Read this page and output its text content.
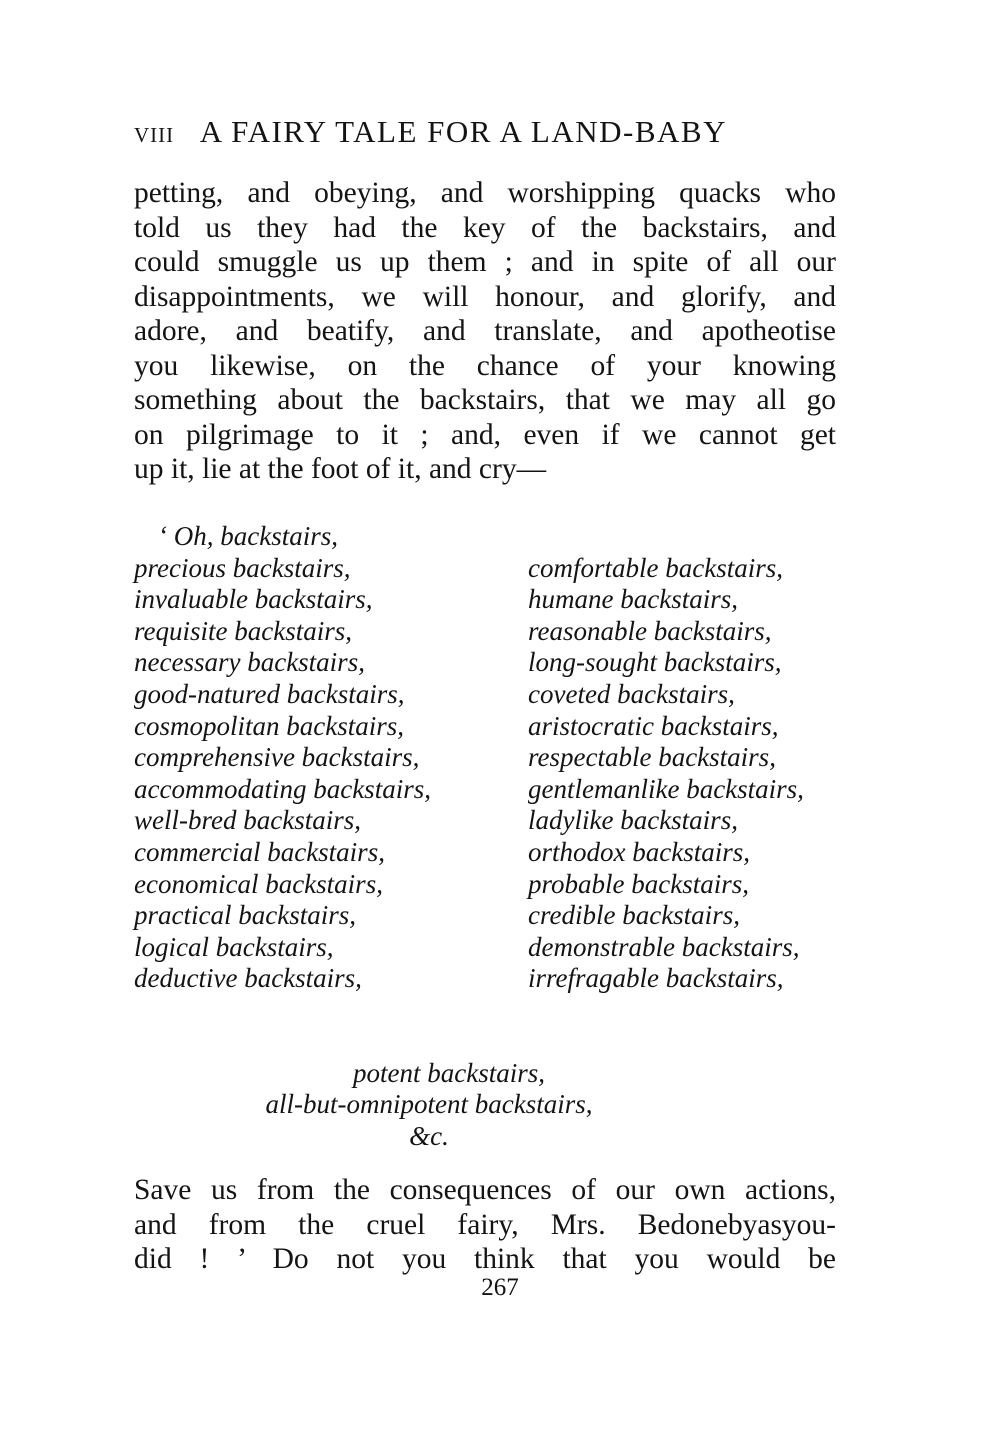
viii A FAIRY TALE FOR A LAND-BABY
petting, and obeying, and worshipping quacks who
told us they had the key of the backstairs, and
could smuggle us up them ; and in spite of all our
disappointments, we will honour, and glorify, and
adore, and beatify, and translate, and apotheotise
you likewise, on the chance of your knowing
something about the backstairs, that we may all go
on pilgrimage to it ; and, even if we cannot get
up it, lie at the foot of it, and cry—
‘ Oh, backstairs,
precious backstairs,
invaluable backstairs,
requisite backstairs,
necessary backstairs,
good-natured backstairs,
cosmopolitan backstairs,
comprehensive backstairs,
accommodating backstairs,
well-bred backstairs,
commercial backstairs,
economical backstairs,
practical backstairs,
logical backstairs,
deductive backstairs,
comfortable backstairs,
humane backstairs,
reasonable backstairs,
long-sought backstairs,
coveted backstairs,
aristocratic backstairs,
respectable backstairs,
gentlemanlike backstairs,
ladylike backstairs,
orthodox backstairs,
probable backstairs,
credible backstairs,
demonstrable backstairs,
irrefragable backstairs,
potent backstairs,
all-but-omnipotent backstairs,
&c.
Save us from the consequences of our own actions,
and from the cruel fairy, Mrs. Bedonebyasyou-
did ! ’ Do not you think that you would be
267
